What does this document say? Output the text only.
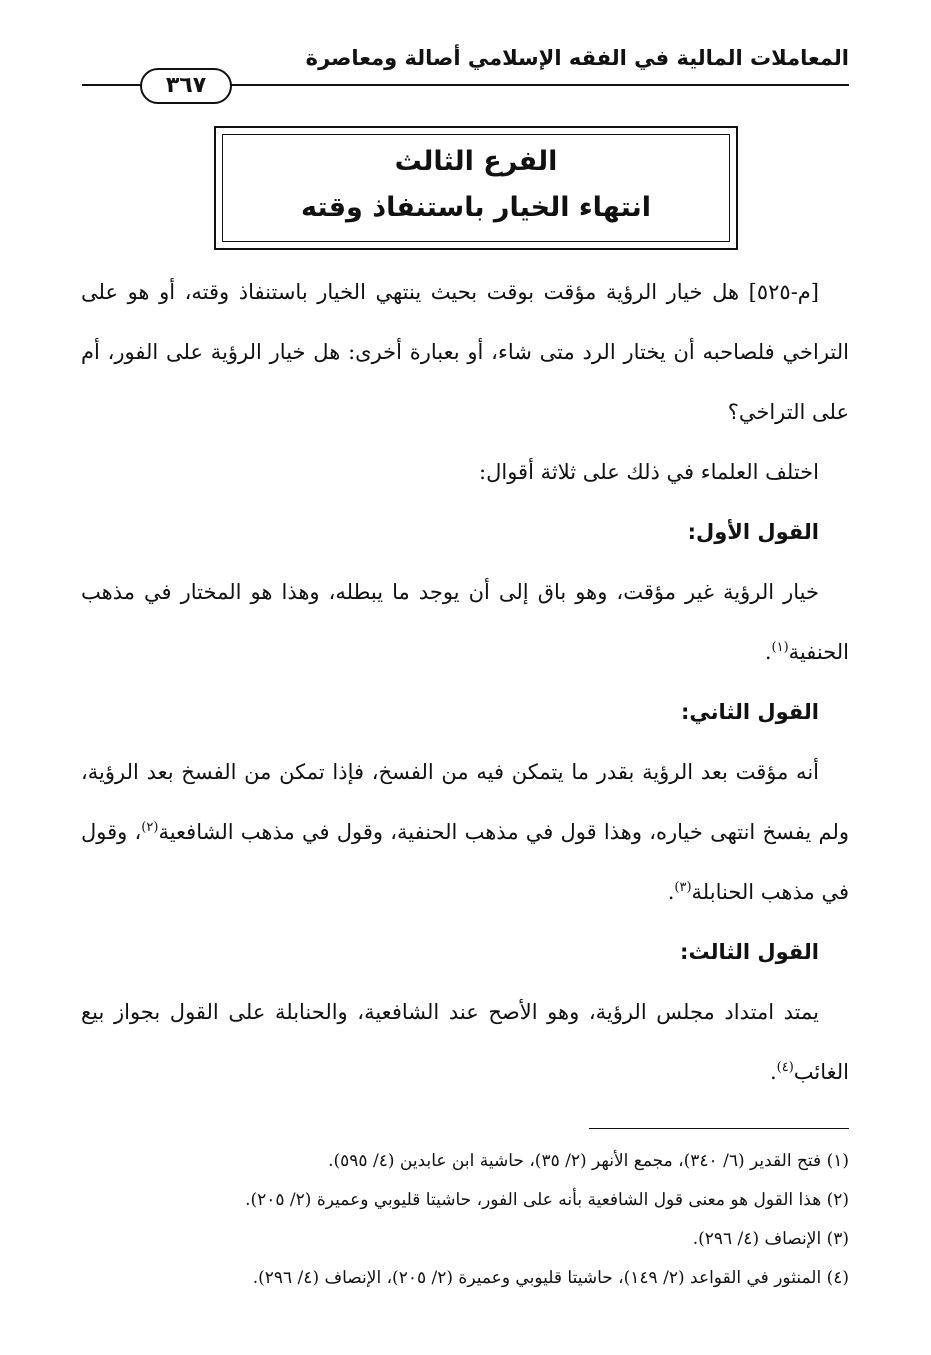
المعاملات المالية في الفقه الإسلامي أصالة ومعاصرة
٣٦٧
الفرع الثالث
انتهاء الخيار باستنفاذ وقته

[م-٥٢٥] هل خيار الرؤية مؤقت بوقت بحيث ينتهي الخيار باستنفاذ وقته، أو هو على التراخي فلصاحبه أن يختار الرد متى شاء، أو بعبارة أخرى: هل خيار الرؤية على الفور، أم على التراخي؟

اختلف العلماء في ذلك على ثلاثة أقوال:

القول الأول:

خيار الرؤية غير مؤقت، وهو باق إلى أن يوجد ما يبطله، وهذا هو المختار في مذهب الحنفية$^{(١)}$.

القول الثاني:

أنه مؤقت بعد الرؤية بقدر ما يتمكن فيه من الفسخ، فإذا تمكن من الفسخ بعد الرؤية، ولم يفسخ انتهى خياره، وهذا قول في مذهب الحنفية، وقول في مذهب الشافعية$^{(٢)}$، وقول في مذهب الحنابلة$^{(٣)}$.

القول الثالث:

يمتد امتداد مجلس الرؤية، وهو الأصح عند الشافعية، والحنابلة على القول بجواز بيع الغائب$^{(٤)}$.

(١) فتح القدير (٦/ ٣٤٠)، مجمع الأنهر (٢/ ٣٥)، حاشية ابن عابدين (٤/ ٥٩٥).

(٢) هذا القول هو معنى قول الشافعية بأنه على الفور، حاشيتا قليوبي وعميرة (٢/ ٢٠٥).

(٣) الإنصاف (٤/ ٢٩٦).

(٤) المنثور في القواعد (٢/ ١٤٩)، حاشيتا قليوبي وعميرة (٢/ ٢٠٥)، الإنصاف (٤/ ٢٩٦).
